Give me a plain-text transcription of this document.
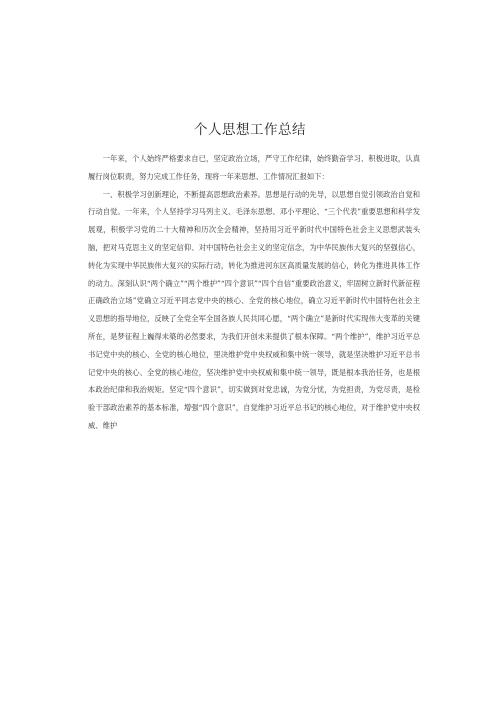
个人思想工作总结

一年来，个人始终严格要求自已，坚定政治立场，严守工作纪律，始终勤奋学习、积极进取，认真履行岗位职责，努力完成工作任务，现将一年来思想、工作情况汇报如下：

一、积极学习创新理论，不断提高思想政治素养。思想是行动的先导，以思想自觉引领政治自觉和行动自觉。一年来，个人坚持学习马列主义、毛泽东思想、邓小平理论、“三个代表”重要思想和科学发展观，积极学习党的二十大精神和历次全会精神，坚持用习近平新时代中国特色社会主义思想武装头脑，把对马克思主义的坚定信仰、对中国特色社会主义的坚定信念，为中华民族伟大复兴的坚强信心，转化为实现中华民族伟大复兴的实际行动，转化为推进河东区高质量发展的信心，转化为推进具体工作的动力。深刻认识“两个确立”“两个维护”“四个意识”“四个自信”重要政治意义，牢固树立新时代新征程正确政治立场”党确立习近平同志党中央的核心、全党的核心地位，确立习近平新时代中国特色社会主义思想的指导地位，反映了全党全军全国各族人民共同心愿，“两个确立”是新时代实现伟大变革的关键所在，是梦征程上巍得未築的必然要求，为我们开创未来提供了根本保障。“两个维护”，维护习近平总书记党中央的核心、全党的核心地位，里决维护党中央权威和集中统一领导，就是坚决维护习近平总书记党中央的核心、全党的核心地位，坚决维护党中央权威和集中统一领导，既是根本我治任务，也是根本政治纪律和我治规矩。坚定“四个意识”，切实做到对党忠诚，为党分忧，为党担责，为党尽责，是检验干部政治素养的基本标准，增强“四个意识”，自觉维护习近平总书记的核心地位，对于维护党中央权威、维护
